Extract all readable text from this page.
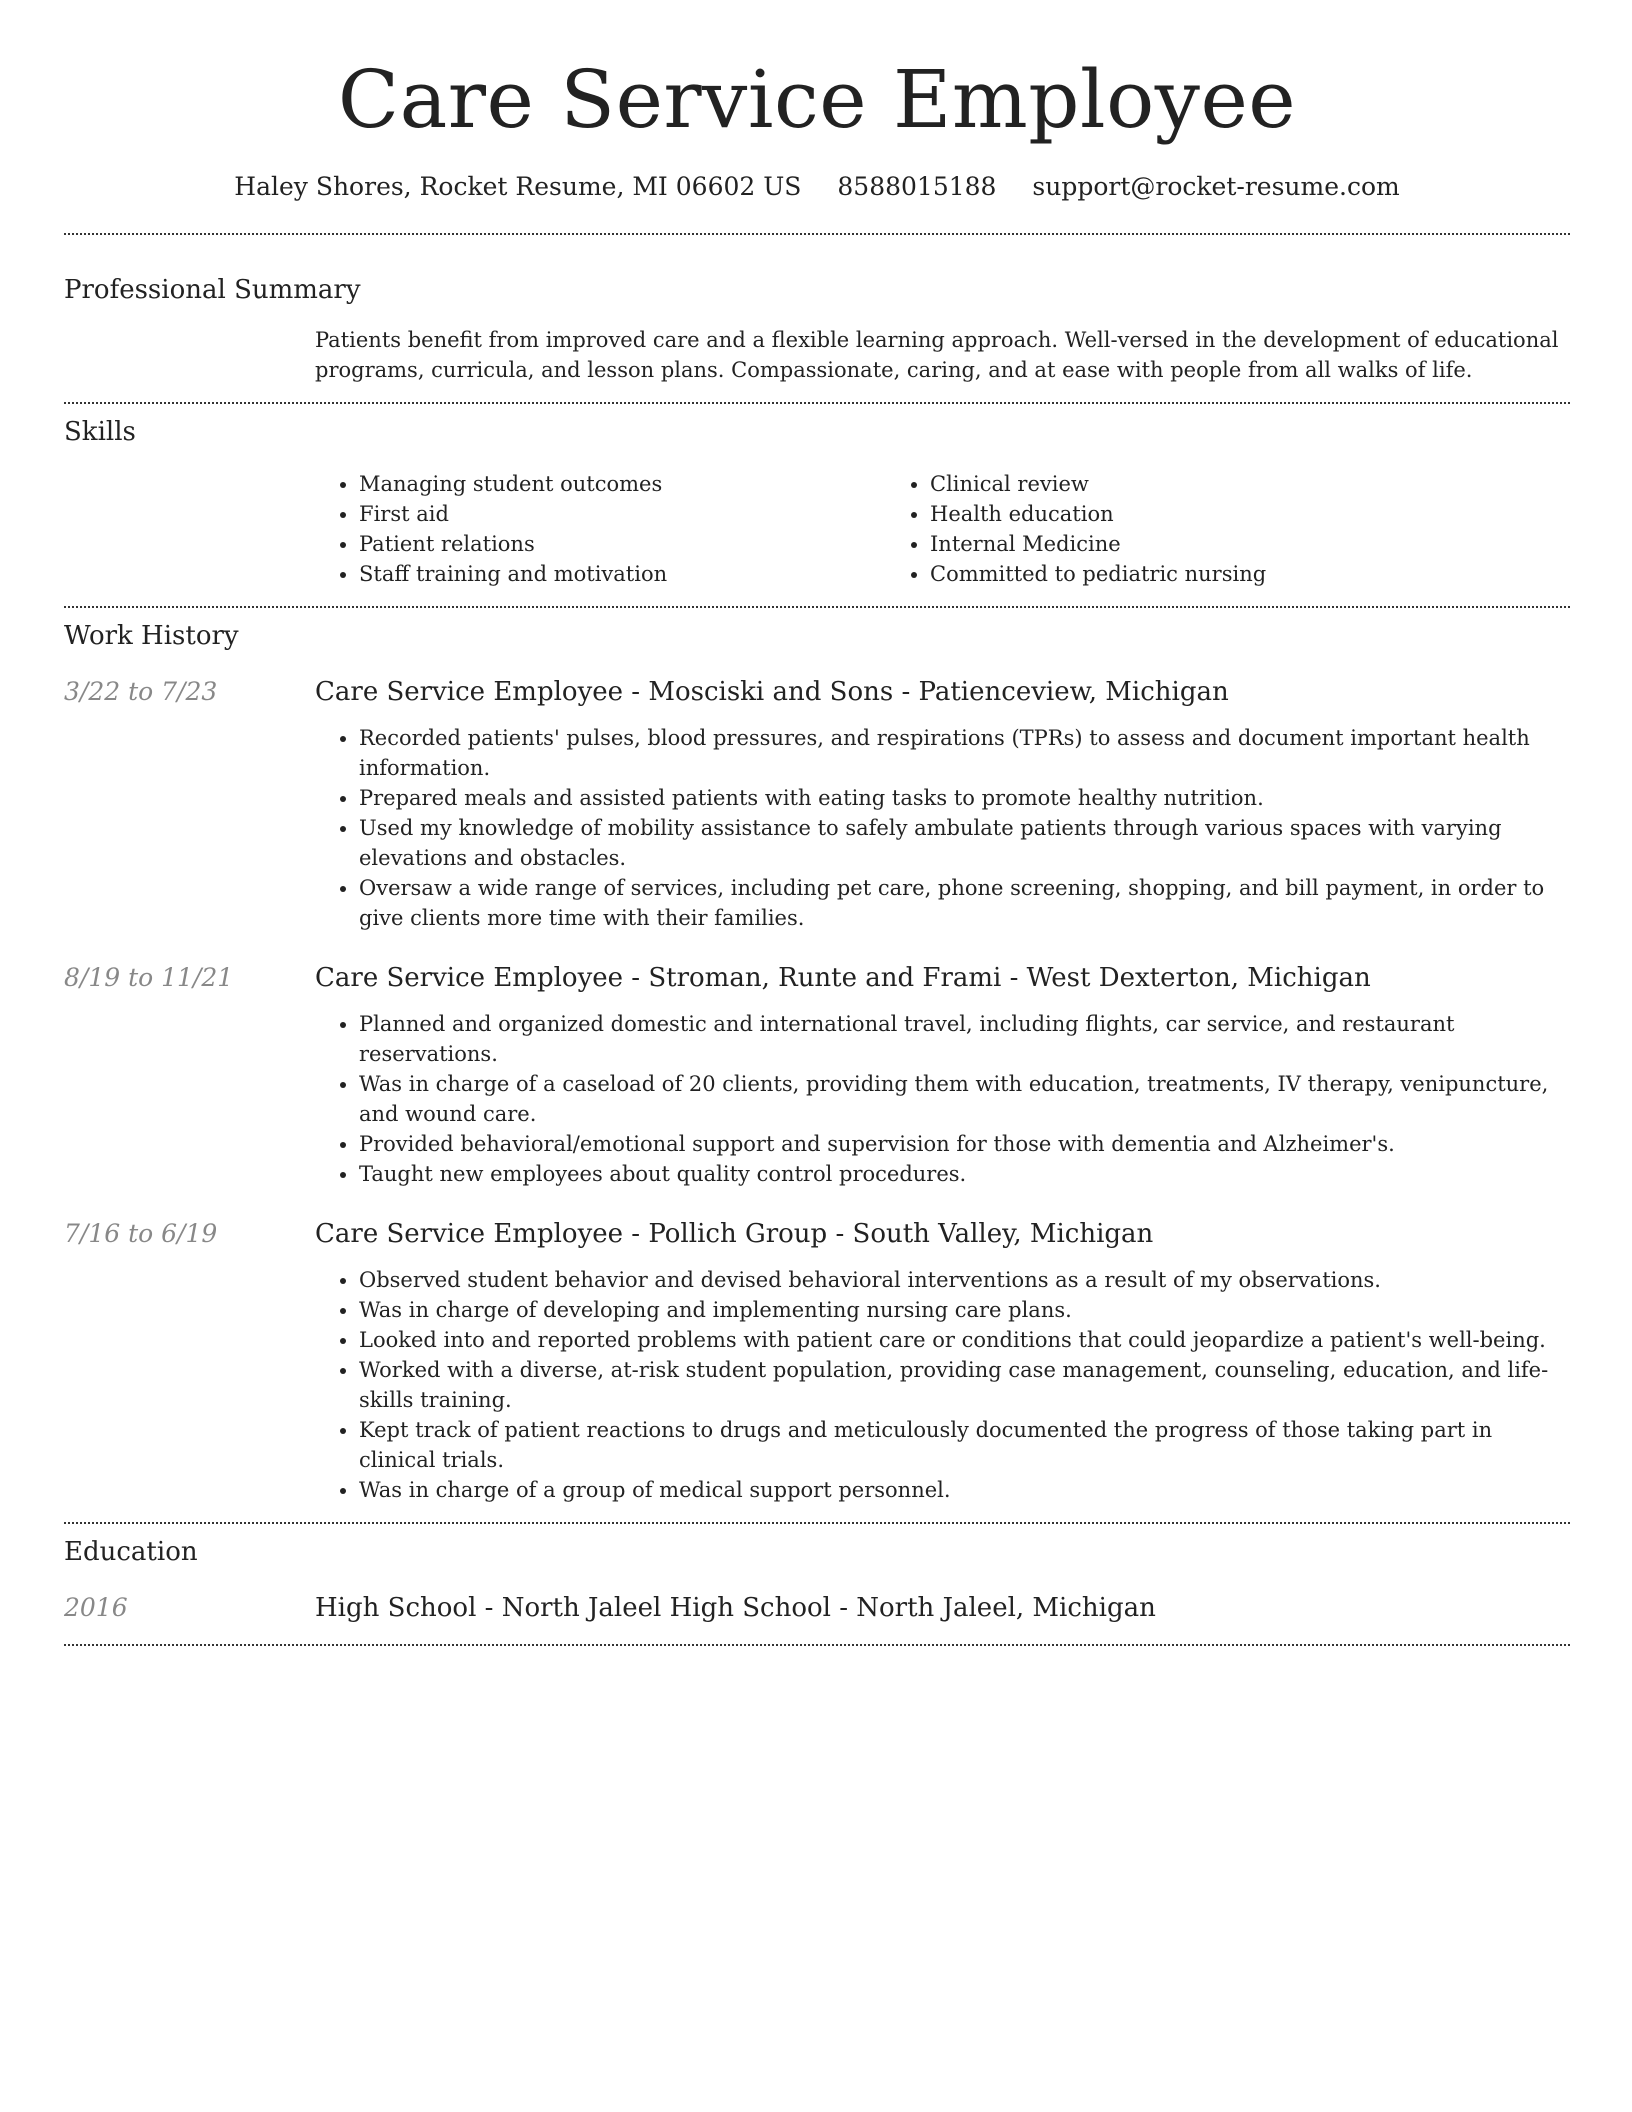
Care Service Employee
Haley Shores, Rocket Resume, MI 06602 US 8588015188 support@rocket-resume.com
Professional Summary
Patients benefit from improved care and a flexible learning approach. Well-versed in the development of educational programs, curricula, and lesson plans. Compassionate, caring, and at ease with people from all walks of life.
Skills
• Managing student outcomes
• First aid
• Patient relations
• Staff training and motivation
• Clinical review
• Health education
• Internal Medicine
• Committed to pediatric nursing
Work History
3/22 to 7/23	Care Service Employee - Mosciski and Sons - Patienceview, Michigan
• Recorded patients' pulses, blood pressures, and respirations (TPRs) to assess and document important health information.
• Prepared meals and assisted patients with eating tasks to promote healthy nutrition.
• Used my knowledge of mobility assistance to safely ambulate patients through various spaces with varying elevations and obstacles.
• Oversaw a wide range of services, including pet care, phone screening, shopping, and bill payment, in order to give clients more time with their families.
8/19 to 11/21	Care Service Employee - Stroman, Runte and Frami - West Dexterton, Michigan
• Planned and organized domestic and international travel, including flights, car service, and restaurant reservations.
• Was in charge of a caseload of 20 clients, providing them with education, treatments, IV therapy, venipuncture, and wound care.
• Provided behavioral/emotional support and supervision for those with dementia and Alzheimer's.
• Taught new employees about quality control procedures.
7/16 to 6/19	Care Service Employee - Pollich Group - South Valley, Michigan
• Observed student behavior and devised behavioral interventions as a result of my observations.
• Was in charge of developing and implementing nursing care plans.
• Looked into and reported problems with patient care or conditions that could jeopardize a patient's well-being.
• Worked with a diverse, at-risk student population, providing case management, counseling, education, and life-skills training.
• Kept track of patient reactions to drugs and meticulously documented the progress of those taking part in clinical trials.
• Was in charge of a group of medical support personnel.
Education
2016	High School - North Jaleel High School - North Jaleel, Michigan
